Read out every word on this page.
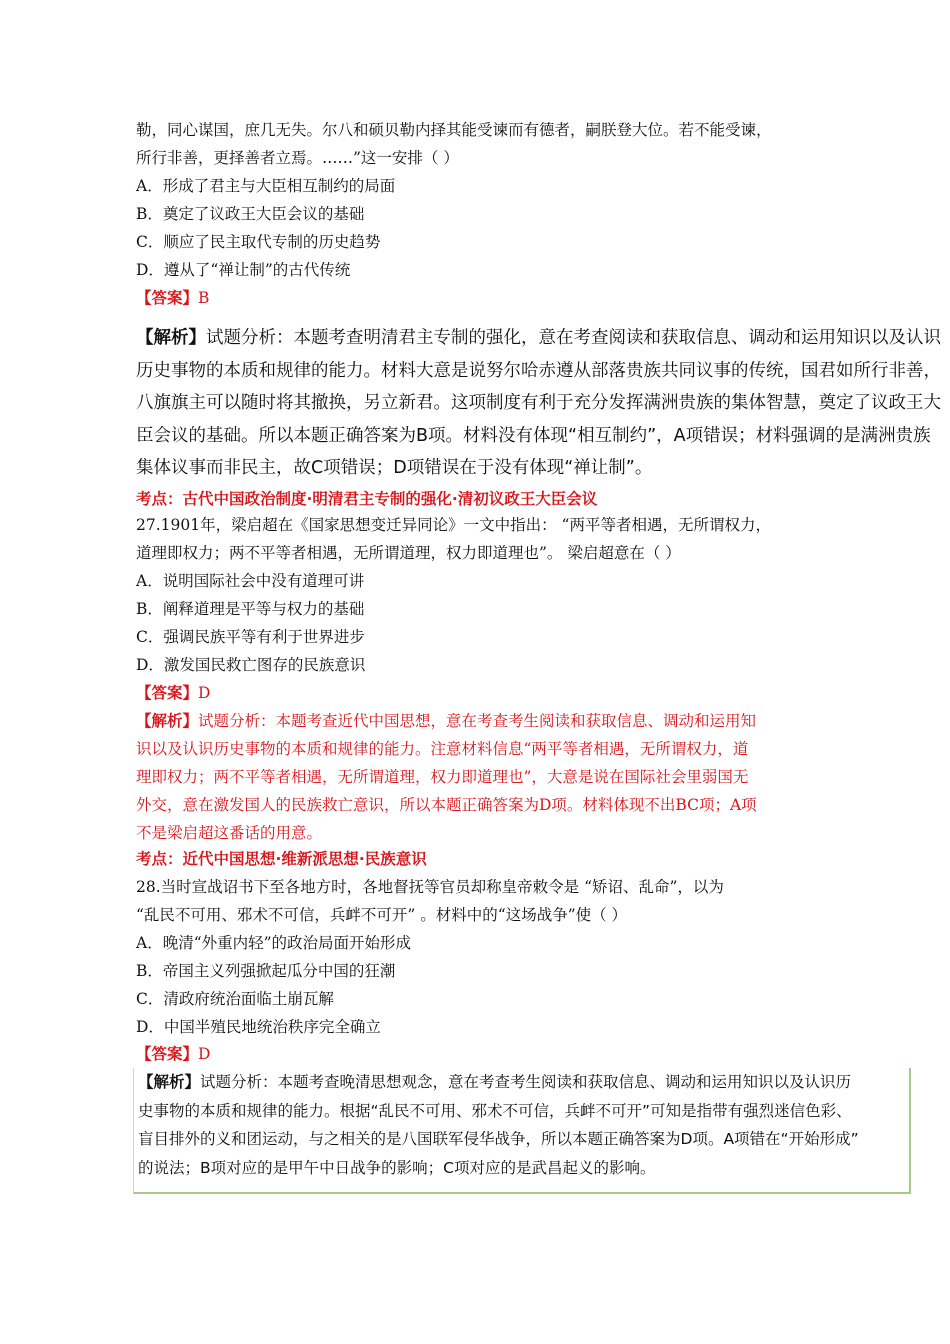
勒，同心谋国，庶几无失。尔八和硕贝勒内择其能受谏而有德者，嗣朕登大位。若不能受谏，
所行非善，更择善者立焉。……”这一安排（ ）
A．形成了君主与大臣相互制约的局面
B．奠定了议政王大臣会议的基础
C．顺应了民主取代专制的历史趋势
D．遵从了“禅让制”的古代传统
【答案】B

【解析】试题分析：本题考查明清君主专制的强化，意在考查阅读和获取信息、调动和运用知识以及认识

历史事物的本质和规律的能力。材料大意是说努尔哈赤遵从部落贵族共同议事的传统，国君如所行非善，

八旗旗主可以随时将其撤换，另立新君。这项制度有利于充分发挥满洲贵族的集体智慧，奠定了议政王大

臣会议的基础。所以本题正确答案为B项。材料没有体现“相互制约”，A项错误；材料强调的是满洲贵族

集体议事而非民主，故C项错误；D项错误在于没有体现“禅让制”。

考点：古代中国政治制度·明清君主专制的强化·清初议政王大臣会议
27.1901年，梁启超在《国家思想变迁异同论》一文中指出： “两平等者相遇，无所谓权力，
道理即权力；两不平等者相遇，无所谓道理，权力即道理也”。 梁启超意在（ ）
A．说明国际社会中没有道理可讲
B．阐释道理是平等与权力的基础
C．强调民族平等有利于世界进步
D．激发国民救亡图存的民族意识
【答案】D

【解析】试题分析：本题考查近代中国思想，意在考查考生阅读和获取信息、调动和运用知

识以及认识历史事物的本质和规律的能力。注意材料信息“两平等者相遇，无所谓权力，道

理即权力；两不平等者相遇，无所谓道理，权力即道理也”，大意是说在国际社会里弱国无

外交，意在激发国人的民族救亡意识，所以本题正确答案为D项。材料体现不出BC项；A项

不是梁启超这番话的用意。

考点：近代中国思想·维新派思想·民族意识
28.当时宣战诏书下至各地方时，各地督抚等官员却称皇帝敕令是 “矫诏、乱命”，以为
“乱民不可用、邪术不可信，兵衅不可开” 。材料中的“这场战争”使（ ）
A．晚清“外重内轻”的政治局面开始形成
B．帝国主义列强掀起瓜分中国的狂潮
C．清政府统治面临土崩瓦解
D．中国半殖民地统治秩序完全确立
【答案】D

【解析】试题分析：本题考查晚清思想观念，意在考查考生阅读和获取信息、调动和运用知识以及认识历

史事物的本质和规律的能力。根据“乱民不可用、邪术不可信，兵衅不可开”可知是指带有强烈迷信色彩、

盲目排外的义和团运动，与之相关的是八国联军侵华战争，所以本题正确答案为D项。A项错在“开始形成”

的说法；B项对应的是甲午中日战争的影响；C项对应的是武昌起义的影响。
